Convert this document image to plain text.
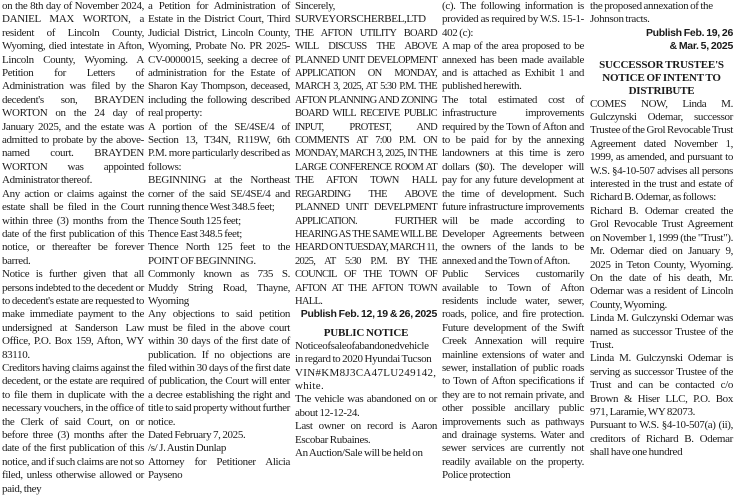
on the 8th day of November 2024, DANIEL MAX WORTON, a resident of Lincoln County, Wyoming, died intestate in Afton, Lincoln County, Wyoming. A Petition for Letters of Administration was filed by the decedent's son, BRAYDEN WORTON on the 24 day of January 2025, and the estate was admitted to probate by the above- named court. BRAYDEN WORTON was appointed Administrator thereof.

Any action or claims against the estate shall be filed in the Court within three (3) months from the date of the first publication of this notice, or thereafter be forever barred.

Notice is further given that all persons indebted to the decedent or to decedent's estate are requested to make immediate payment to the undersigned at Sanderson Law Office, P.O. Box 159, Afton, WY 83110.

Creditors having claims against the decedent, or the estate are required to file them in duplicate with the necessary vouchers, in the office of the Clerk of said Court, on or before three (3) months after the date of the first publication of this notice, and if such claims are not so filed, unless otherwise allowed or paid, they

a Petition for Administration of Estate in the District Court, Third Judicial District, Lincoln County, Wyoming, Probate No. PR 2025-CV-0000015, seeking a decree of administration for the Estate of Sharon Kay Thompson, deceased, including the following described real property:

A portion of the SE/4SE/4 of Section 13, T34N, R119W, 6th P.M. more particularly described as follows:

BEGINNING at the Northeast corner of the said SE/4SE/4 and running thence West 348.5 feet;

Thence South 125 feet;

Thence East 348.5 feet;

Thence North 125 feet to the POINT OF BEGINNING.

Commonly known as 735 S. Muddy String Road, Thayne, Wyoming

Any objections to said petition must be filed in the above court within 30 days of the first date of publication. If no objections are filed within 30 days of the first date of publication, the Court will enter a decree establishing the right and title to said property without further notice.

Dated February 7, 2025.

/s/ J. Austin Dunlap

Attorney for Petitioner Alicia Payseno

Sincerely,

SURVEYORSCHERBEL,LTD

THE AFTON UTILITY BOARD WILL DISCUSS THE ABOVE PLANNED UNIT DEVELOPMENT APPLICATION ON MONDAY, MARCH 3, 2025, AT 5:30 P.M. THE AFTON PLANNING AND ZONING BOARD WILL RECEIVE PUBLIC INPUT, PROTEST, AND COMMENTS AT 7:00 P.M. ON MONDAY, MARCH 3, 2025, IN THE LARGE CONFERENCE ROOM AT THE AFTON TOWN HALL REGARDING THE ABOVE PLANNED UNIT DEVELPMENT APPLICATION. FURTHER HEARING AS THE SAME WILL BE HEARD ON TUESDAY, MARCH 11, 2025, AT 5:30 P.M. BY THE COUNCIL OF THE TOWN OF AFTON AT THE AFTON TOWN HALL.

Publish Feb. 12, 19 & 26, 2025

PUBLIC NOTICE

Noticeofsaleofabandonedvehicle in regard to 2020 Hyundai Tucson

VIN#KM8J3CA47LU249142, white.

The vehicle was abandoned on or about 12-12-24.

Last owner on record is Aaron Escobar Rubaines.

An Auction/Sale will be held on

(c). The following information is provided as required by W.S. 15-1-402 (c):

A map of the area proposed to be annexed has been made available and is attached as Exhibit 1 and published herewith.

The total estimated cost of infrastructure improvements required by the Town of Afton and to be paid for by the annexing landowners at this time is zero dollars ($0). The developer will pay for any future development at the time of development. Such future infrastructure improvements will be made according to Developer Agreements between the owners of the lands to be annexed and the Town of Afton.

Public Services customarily available to Town of Afton residents include water, sewer, roads, police, and fire protection. Future development of the Swift Creek Annexation will require mainline extensions of water and sewer, installation of public roads to Town of Afton specifications if they are to not remain private, and other possible ancillary public improvements such as pathways and drainage systems. Water and sewer services are currently not readily available on the property. Police protection

the proposed annexation of the Johnson tracts.

Publish Feb. 19, 26

& Mar. 5, 2025

SUCCESSOR TRUSTEE'S

NOTICE OF INTENT TO

DISTRIBUTE

COMES NOW, Linda M. Gulczynski Odemar, successor Trustee of the Grol Revocable Trust Agreement dated November 1, 1999, as amended, and pursuant to W.S. §4-10-507 advises all persons interested in the trust and estate of Richard B. Odemar, as follows:

Richard B. Odemar created the Grol Revocable Trust Agreement on November 1, 1999 (the "Trust"). Mr. Odemar died on January 9, 2025 in Teton County, Wyoming. On the date of his death, Mr. Odemar was a resident of Lincoln County, Wyoming.

Linda M. Gulczynski Odemar was named as successor Trustee of the Trust.

Linda M. Gulczynski Odemar is serving as successor Trustee of the Trust and can be contacted c/o Brown & Hiser LLC, P.O. Box 971, Laramie, WY 82073.

Pursuant to W.S. §4-10-507(a) (ii), creditors of Richard B. Odemar shall have one hundred
